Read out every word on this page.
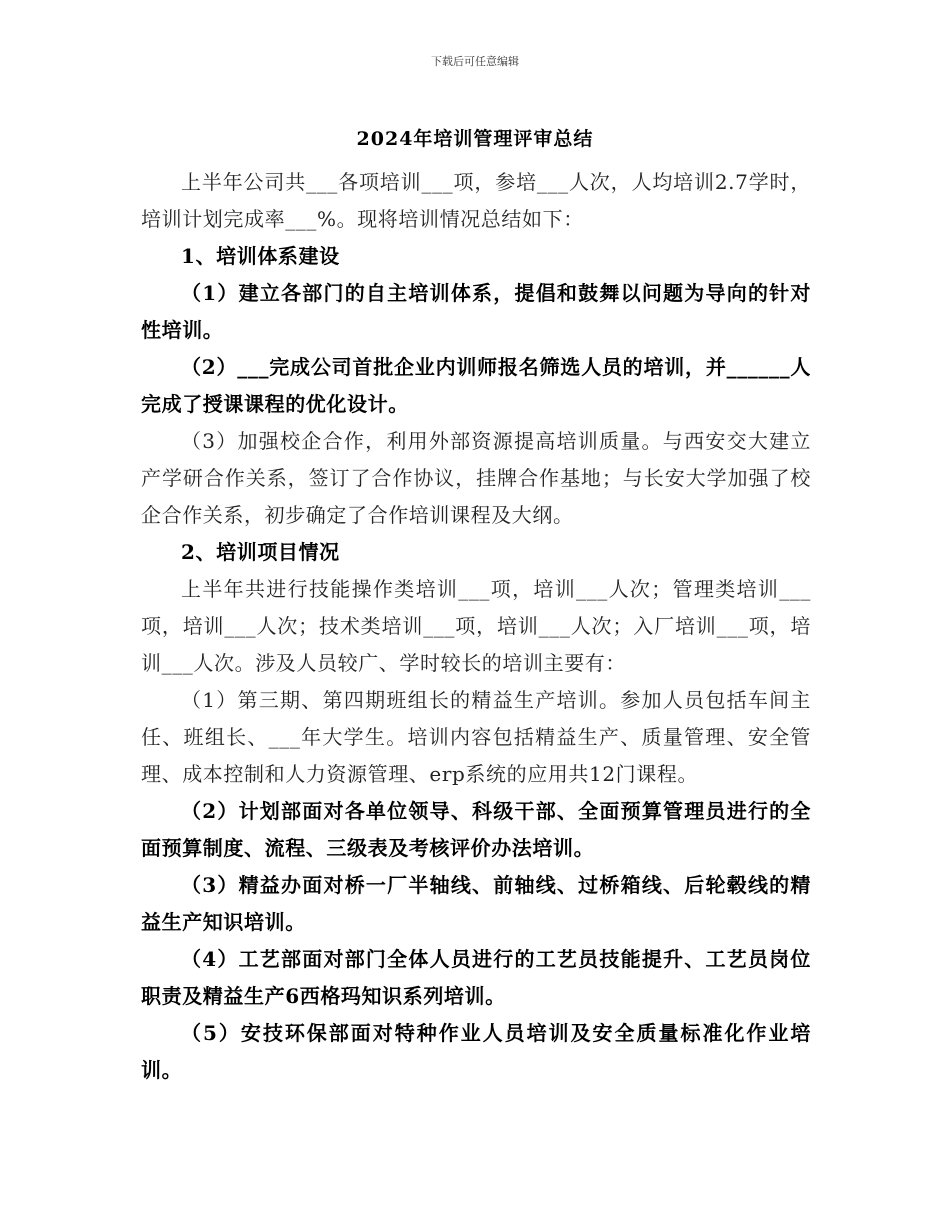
下载后可任意编辑
2024年培训管理评审总结

上半年公司共___各项培训___项，参培___人次，人均培训2.7学时，培训计划完成率___%。现将培训情况总结如下：

1、培训体系建设

（1）建立各部门的自主培训体系，提倡和鼓舞以问题为导向的针对性培训。

（2）___完成公司首批企业内训师报名筛选人员的培训，并______人完成了授课课程的优化设计。

（3）加强校企合作，利用外部资源提高培训质量。与西安交大建立产学研合作关系，签订了合作协议，挂牌合作基地；与长安大学加强了校企合作关系，初步确定了合作培训课程及大纲。

2、培训项目情况

上半年共进行技能操作类培训___项，培训___人次；管理类培训___项，培训___人次；技术类培训___项，培训___人次；入厂培训___项，培训___人次。涉及人员较广、学时较长的培训主要有：

（1）第三期、第四期班组长的精益生产培训。参加人员包括车间主任、班组长、___年大学生。培训内容包括精益生产、质量管理、安全管理、成本控制和人力资源管理、erp系统的应用共12门课程。

（2）计划部面对各单位领导、科级干部、全面预算管理员进行的全面预算制度、流程、三级表及考核评价办法培训。

（3）精益办面对桥一厂半轴线、前轴线、过桥箱线、后轮毂线的精益生产知识培训。

（4）工艺部面对部门全体人员进行的工艺员技能提升、工艺员岗位职责及精益生产6西格玛知识系列培训。

（5）安技环保部面对特种作业人员培训及安全质量标准化作业培训。
